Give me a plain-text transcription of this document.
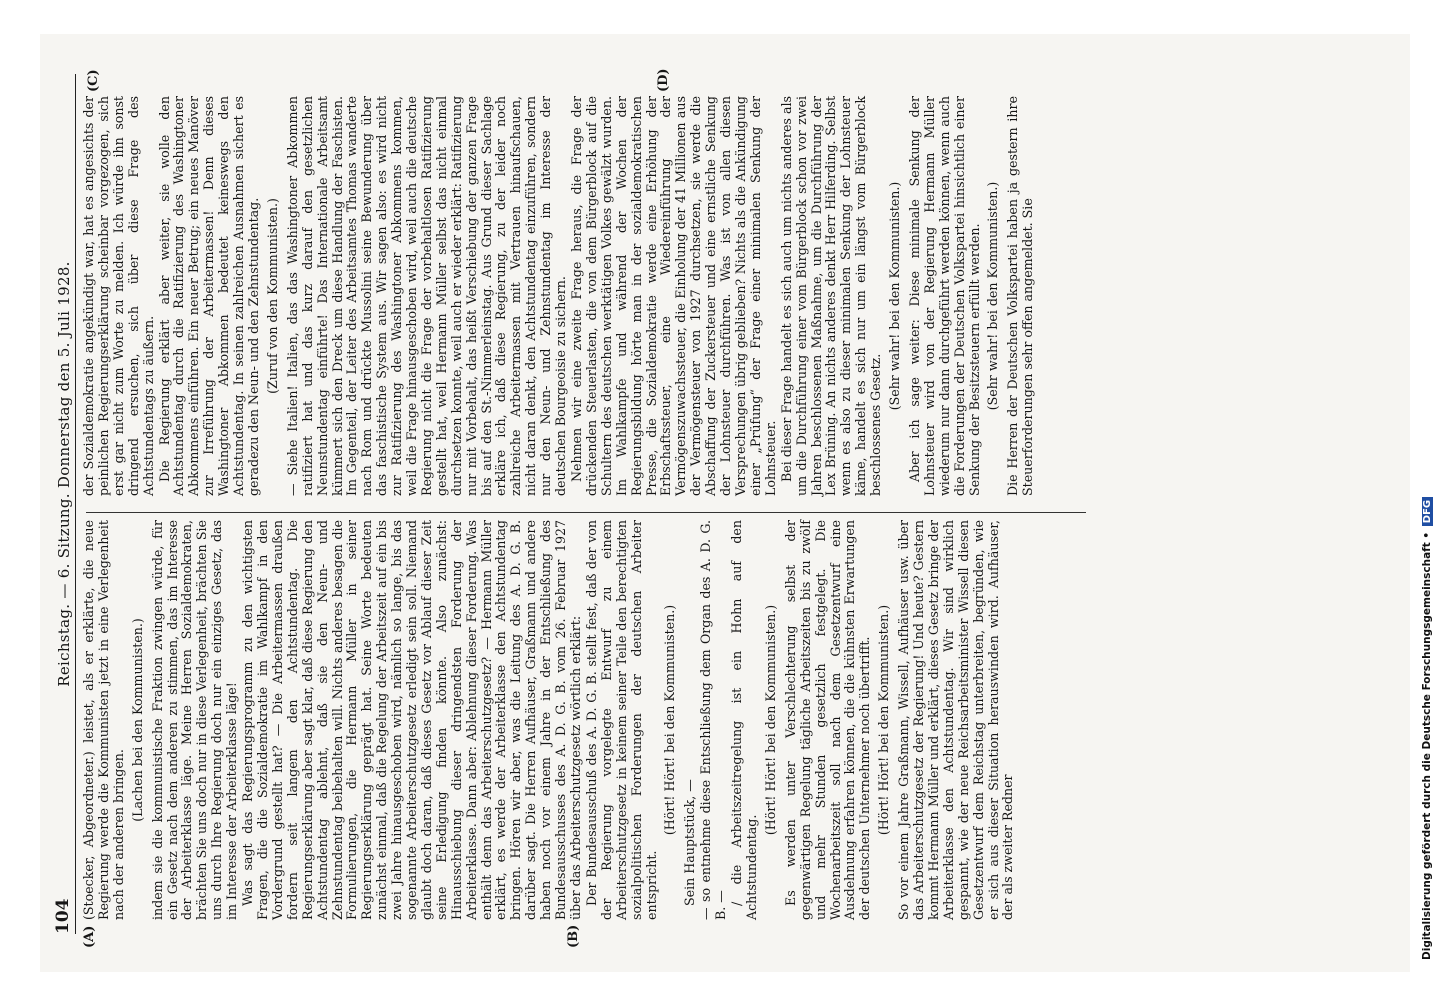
104
Reichstag. — 6. Sitzung. Donnerstag den 5. Juli 1928.

(Stoecker, Abgeordneter.) leistet, als er erklärte, die neue Regierung werde die Kommunisten jetzt in eine Verlegenheit nach der anderen bringen.

(Lachen bei den Kommunisten.) indem sie die kommunistische Fraktion zwingen würde, für ein Gesetz nach dem anderen zu stimmen, das im Interesse der Arbeiterklasse läge. Meine Herren Sozialdemokraten, brächten Sie uns doch nur in diese Verlegenheit, brächten Sie uns durch Ihre Regierung doch nur ein einziges Gesetz, das im Interesse der Arbeiterklasse läge! Was sagt das Regierungsprogramm zu den wichtigsten Fragen, die die Sozialdemokratie im Wahlkampf in den Vordergrund gestellt hat? — Die Arbeitermassen draußen fordern seit langem den Achtstundentag. Die Regierungserklärung aber sagt klar, daß diese Regierung den Achtstundentag ablehnt, daß sie den Neun- und Zehnstundentag beibehalten will. Nichts anderes besagen die Formulierungen, die Hermann Müller in seiner Regierungserklärung geprägt hat. Seine Worte bedeuten zunächst einmal, daß die Regelung der Arbeitszeit auf ein bis zwei Jahre hinausgeschoben wird, nämlich so lange, bis das sogenannte Arbeiterschutzgesetz erledigt sein soll. Niemand glaubt doch daran, daß dieses Gesetz vor Ablauf dieser Zeit seine Erledigung finden könnte. Also zunächst: Hinausschiebung dieser dringendsten Forderung der Arbeiterklasse. Dann aber: Ablehnung dieser Forderung. Was enthält denn das Arbeiterschutzgesetz? — Hermann Müller erklärt, es werde der Arbeiterklasse den Achtstundentag bringen. Hören wir aber, was die Leitung des A. D. G. B. darüber sagt. Die Herren Aufhäuser, Graßmann und andere haben noch vor einem Jahre in der Entschließung des Bundesausschusses des A. D. G. B. vom 26. Februar 1927 über das Arbeiterschutzgesetz wörtlich erklärt: Der Bundesausschuß des A. D. G. B. stellt fest, daß der von der Regierung vorgelegte Entwurf zu einem Arbeiterschutzgesetz in keinem seiner Teile den berechtigten sozialpolitischen Forderungen der deutschen Arbeiter entspricht.

(Hört! Hört! bei den Kommunisten.)

Sein Hauptstück, — — so entnehme diese Entschließung dem Organ des A. D. G. B. — / die Arbeitszeitregelung ist ein Hohn auf den Achtstundentag.

(Hört! Hört! bei den Kommunisten.) Es werden unter Verschlechterung selbst der gegenwärtigen Regelung tägliche Arbeitszeiten bis zu zwölf und mehr Stunden gesetzlich festgelegt. Die Wochenarbeitszeit soll nach dem Gesetzentwurf eine Ausdehnung erfahren können, die die kühnsten Erwartungen der deutschen Unternehmer noch übertrifft. (Hört! Hört! bei den Kommunisten.) So vor einem Jahre Graßmann, Wissell, Aufhäuser usw. über das Arbeiterschutzgesetz der Regierung! Und heute? Gestern kommt Hermann Müller und erklärt, dieses Gesetz bringe der Arbeiterklasse den Achtstundentag. Wir sind wirklich gespannt, wie der neue Reichsarbeitsminister Wissell diesen Gesetzentwurf dem Reichstag unterbreiten, begründen, wie er sich aus dieser Situation herauswinden wird. Aufhäuser, der als zweiter Redner

der Sozialdemokratie angekündigt war, hat es angesichts der peinlichen Regierungserklärung scheinbar vorgezogen, sich erst gar nicht zum Worte zu melden. Ich würde ihn sonst dringend ersuchen, sich über diese Frage des Achtstundentags zu äußern. Die Regierung erklärt aber weiter, sie wolle den Achtstundentag durch die Ratifizierung des Washingtoner Abkommens einführen. Ein neuer Betrug; ein neues Manöver zur Irreführung der Arbeitermassen! Denn dieses Washingtoner Abkommen bedeutet keineswegs den Achtstundentag. In seinen zahlreichen Ausnahmen sichert es geradezu den Neun- und den Zehnstundentag. (Zuruf von den Kommunisten.) — Siehe Italien! Italien, das das Washingtoner Abkommen ratifiziert hat und das kurz darauf den gesetzlichen Neunstundentag einführte! Das Internationale Arbeitsamt kümmert sich den Dreck um diese Handlung der Faschisten. Im Gegenteil, der Leiter des Arbeitsamtes Thomas wanderte nach Rom und drückte Mussolini seine Bewunderung über das faschistische System aus. Wir sagen also: es wird nicht zur Ratifizierung des Washingtoner Abkommens kommen, weil die Frage hinausgeschoben wird, weil auch die deutsche Regierung nicht die Frage der vorbehaltlosen Ratifizierung gestellt hat, weil Hermann Müller selbst das nicht einmal durchsetzen konnte, weil auch er wieder erklärt: Ratifizierung nur mit Vorbehalt, das heißt Verschiebung der ganzen Frage bis auf den St.-Nimmerleinstag. Aus Grund dieser Sachlage erkläre ich, daß diese Regierung, zu der leider noch zahlreiche Arbeitermassen mit Vertrauen hinaufschauen, nicht daran denkt, den Achtstundentag einzuführen, sondern nur den Neun- und Zehnstundentag im Interesse der deutschen Bourgeoisie zu sichern. Nehmen wir eine zweite Frage heraus, die Frage der drückenden Steuerlasten, die von dem Bürgerblock auf die Schultern des deutschen werktätigen Volkes gewälzt wurden. Im Wahlkampfe und während der Wochen der Regierungsbildung hörte man in der sozialdemokratischen Presse, die Sozialdemokratie werde eine Erhöhung der Erbschaftssteuer, eine Wiedereinführung der Vermögenszuwachssteuer, die Einholung der 41 Millionen aus der Vermögensteuer von 1927 durchsetzen, sie werde die Abschaffung der Zuckersteuer und eine ernstliche Senkung der Lohnsteuer durchführen. Was ist von allen diesen Versprechungen übrig geblieben? Nichts als die Ankündigung einer „Prüfung“ der Frage einer minimalen Senkung der Lohnsteuer. Bei dieser Frage handelt es sich auch um nichts anderes als um die Durchführung einer vom Bürgerblock schon vor zwei Jahren beschlossenen Maßnahme, um die Durchführung der Lex Brüning. An nichts anderes denkt Herr Hilferding. Selbst wenn es also zu dieser minimalen Senkung der Lohnsteuer käme, handelt es sich nur um ein längst vom Bürgerblock beschlossenes Gesetz.

(Sehr wahr! bei den Kommunisten.) Aber ich sage weiter: Diese minimale Senkung der Lohnsteuer wird von der Regierung Hermann Müller wiederum nur dann durchgeführt werden können, wenn auch die Forderungen der Deutschen Volkspartei hinsichtlich einer Senkung der Besitzsteuern erfüllt werden. (Sehr wahr! bei den Kommunisten.) Die Herren der Deutschen Volkspartei haben ja gestern ihre Steuerforderungen sehr offen angemeldet. Sie

(A)	(B)
(C)	(D)
Digitalisierung gefördert durch die Deutsche Forschungsgemeinschaft • DFG
